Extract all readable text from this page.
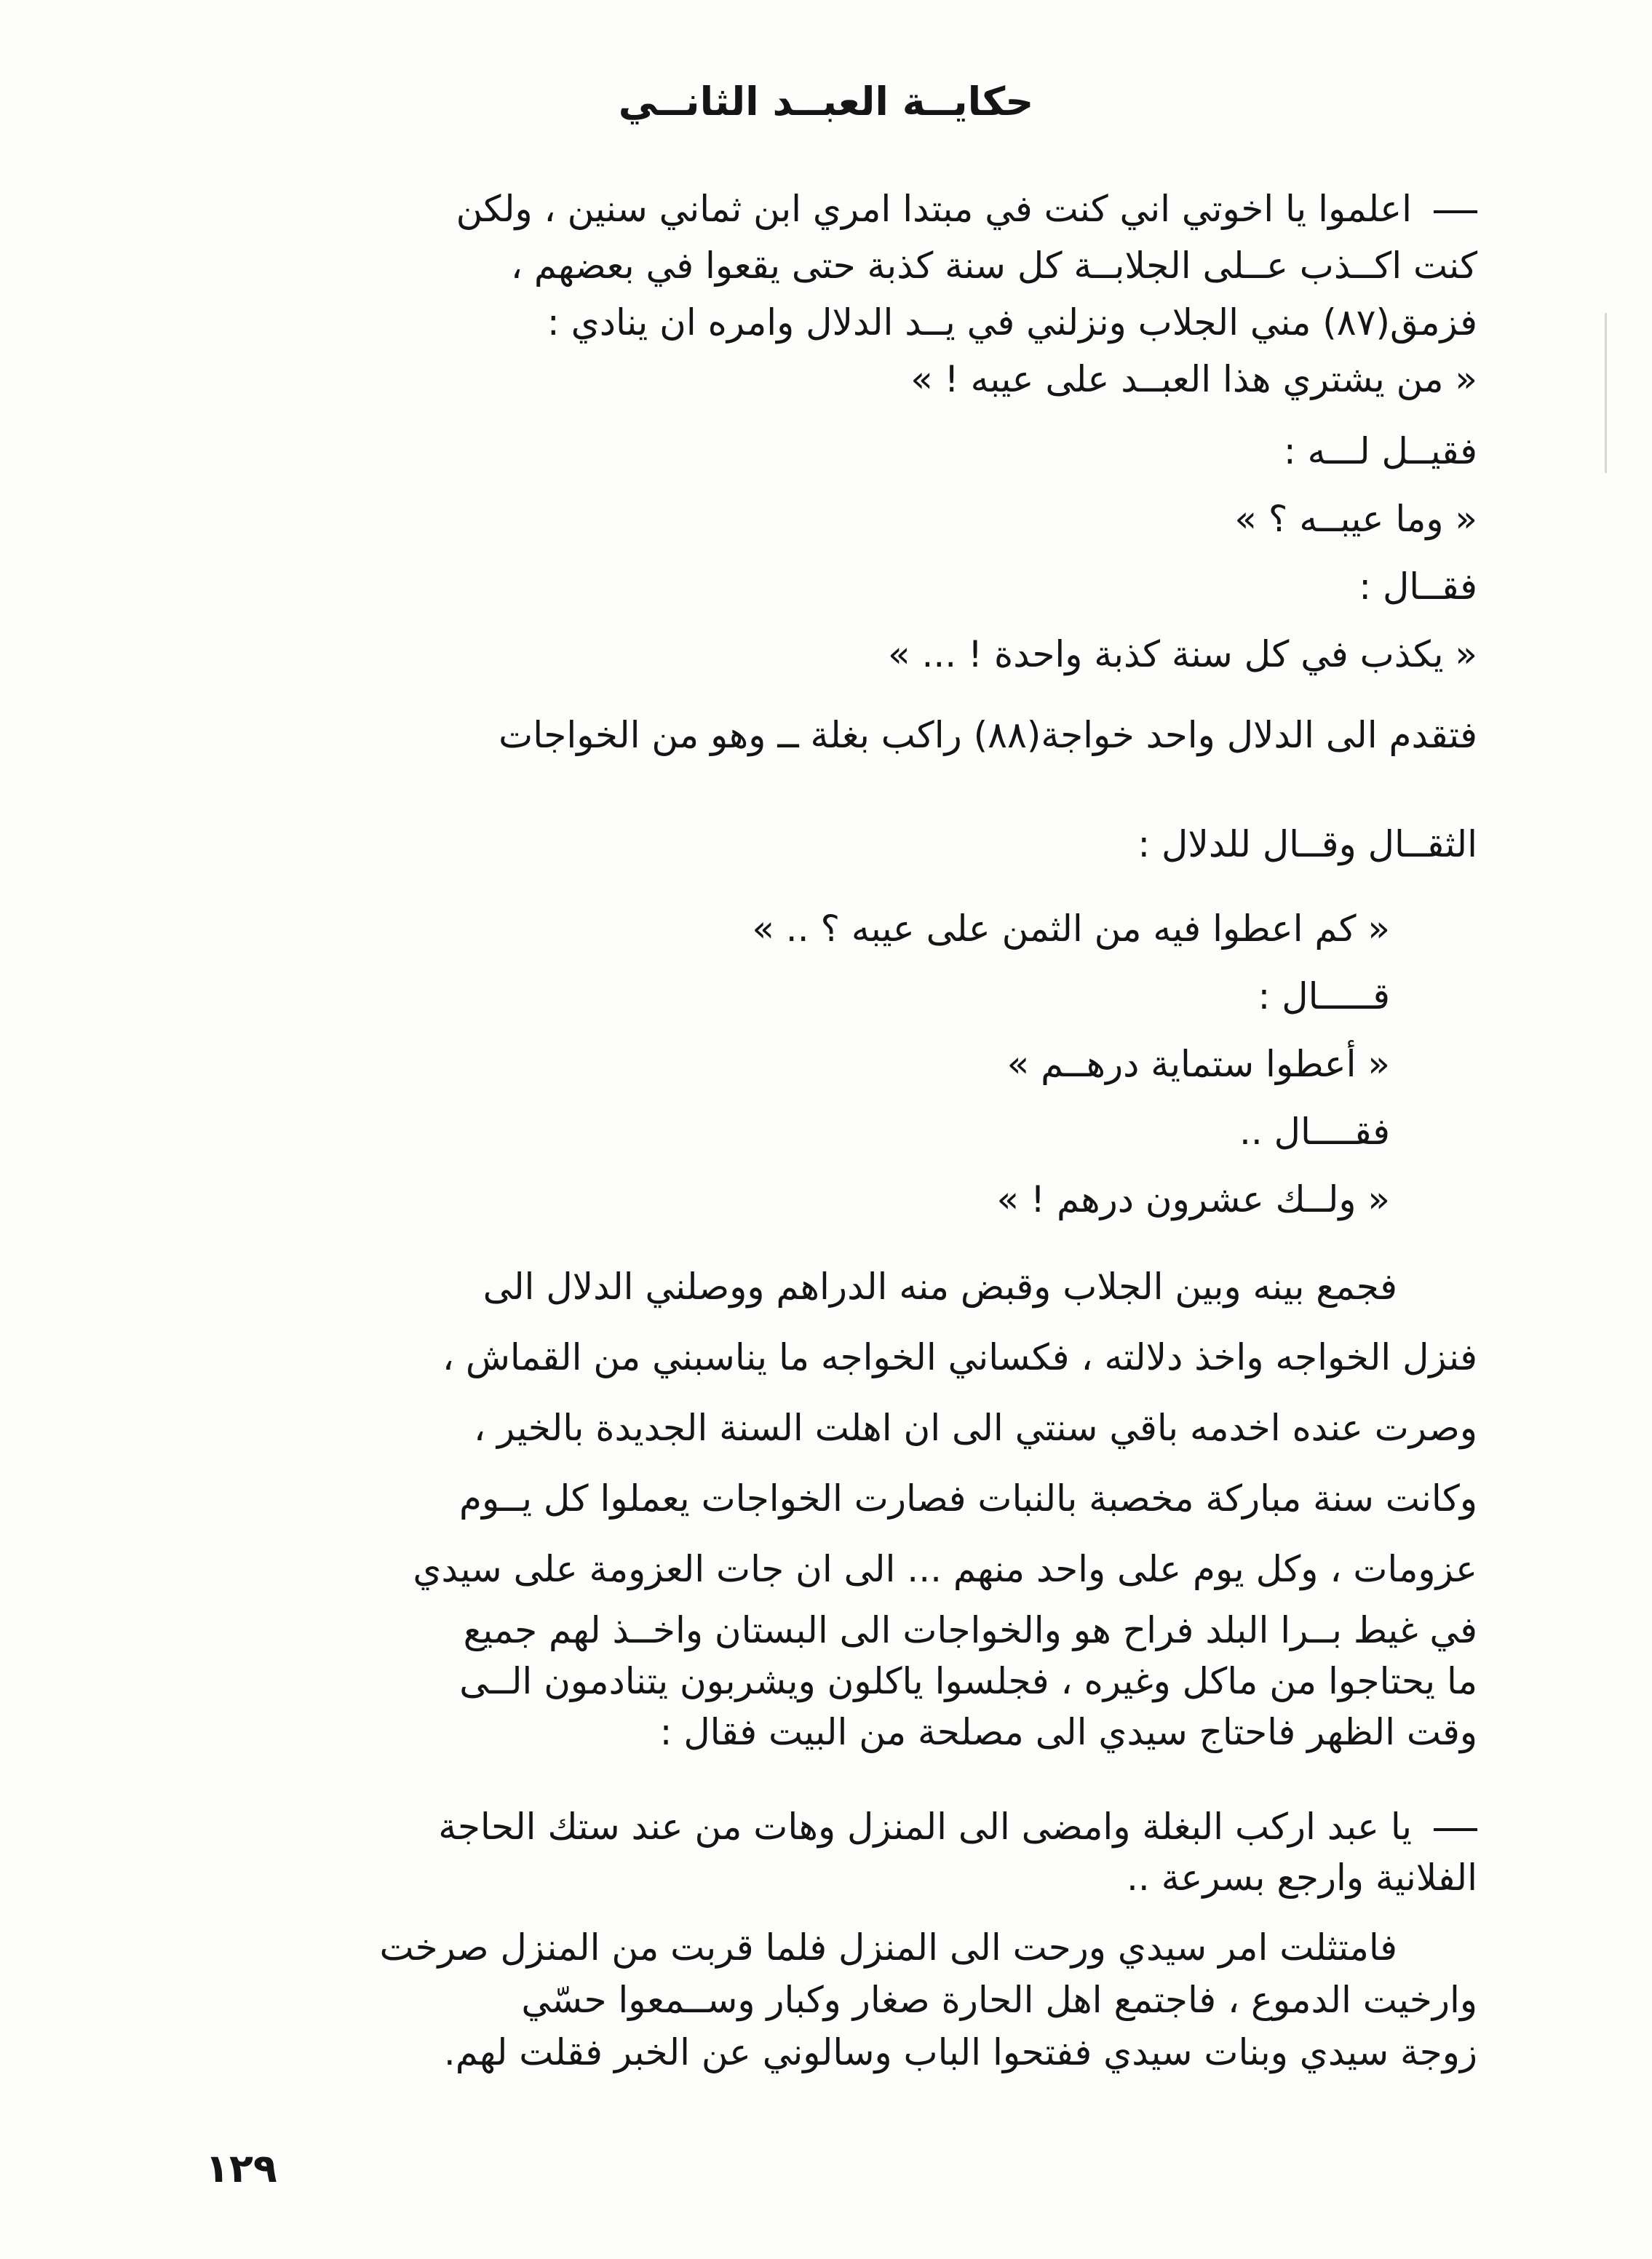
حكايــة العبــد الثانــي
اعلموا يا اخوتي اني كنت في مبتدا امري ابن ثماني سنين ، ولكن
كنت اكــذب عــلى الجلابــة كل سنة كذبة حتى يقعوا في بعضهم ،
فزمق(٨٧) مني الجلاب ونزلني في يــد الدلال وامره ان ينادي :
« من يشتري هذا العبــد على عيبه ! »
فقيــل لـــه :
« وما عيبــه ؟ »
فقــال :
« يكذب في كل سنة كذبة واحدة ! ... »
فتقدم الى الدلال واحد خواجة(٨٨) راكب بغلة ــ وهو من الخواجات
الثقــال وقــال للدلال :
« كم اعطوا فيه من الثمن على عيبه ؟ .. »
قـــــال :
« أعطوا ستماية درهــم »
فقــــال ..
« ولــك عشرون درهم ! »
فجمع بينه وبين الجلاب وقبض منه الدراهم ووصلني الدلال الى
فنزل الخواجه واخذ دلالته ، فكساني الخواجه ما يناسبني من القماش ،
وصرت عنده اخدمه باقي سنتي الى ان اهلت السنة الجديدة بالخير ،
وكانت سنة مباركة مخصبة بالنبات فصارت الخواجات يعملوا كل يــوم
عزومات ، وكل يوم على واحد منهم ... الى ان جات العزومة على سيدي
في غيط بــرا البلد فراح هو والخواجات الى البستان واخــذ لهم جميع
ما يحتاجوا من ماكل وغيره ، فجلسوا ياكلون ويشربون يتنادمون الــى
وقت الظهر فاحتاج سيدي الى مصلحة من البيت فقال :
يا عبد اركب البغلة وامضى الى المنزل وهات من عند ستك الحاجة
الفلانية وارجع بسرعة ..
فامتثلت امر سيدي ورحت الى المنزل فلما قربت من المنزل صرخت
وارخيت الدموع ، فاجتمع اهل الحارة صغار وكبار وســمعوا حسّي
زوجة سيدي وبنات سيدي ففتحوا الباب وسالوني عن الخبر فقلت لهم.
١٢٩
